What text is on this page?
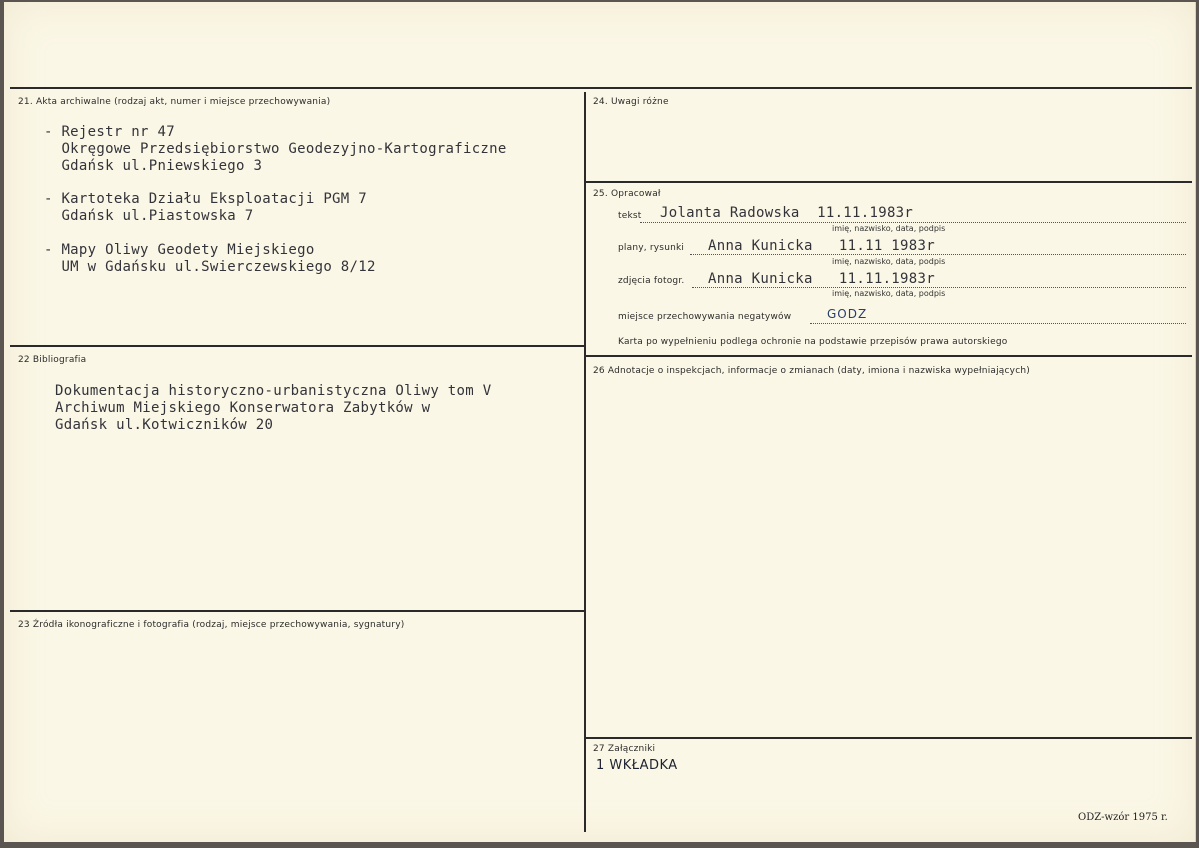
21. Akta archiwalne (rodzaj akt, numer i miejsce przechowywania)
- Rejestr nr 47
Okręgowe Przedsiębiorstwo Geodezyjno-Kartograficzne
Gdańsk ul.Pniewskiego 3
- Kartoteka Działu Eksploatacji PGM 7
Gdańsk ul.Piastowska 7
- Mapy Oliwy Geodety Miejskiego
UM w Gdańsku ul.Swierczewskiego 8/12
22 Bibliografia
Dokumentacja historyczno-urbanistyczna Oliwy tom V
Archiwum Miejskiego Konserwatora Zabytków w
Gdańsk ul.Kotwiczników 20
23 Źródła ikonograficzne i fotografia (rodzaj, miejsce przechowywania, sygnatury)
24. Uwagi różne
25. Opracował
tekst Jolanta Radowska  11.11.1983r
imię, nazwisko, data, podpis
plany, rysunki Anna Kunicka   11.11 1983r
imię, nazwisko, data, podpis
zdjęcia fotogr. Anna Kunicka   11.11.1983r
imię, nazwisko, data, podpis
miejsce przechowywania negatywów	GODZ
Karta po wypełnieniu podlega ochronie na podstawie przepisów prawa autorskiego
26 Adnotacje o inspekcjach, informacje o zmianach (daty, imiona i nazwiska wypełniających)
27 Załączniki
1 WKŁADKA
ODZ-wzór 1975 r.
